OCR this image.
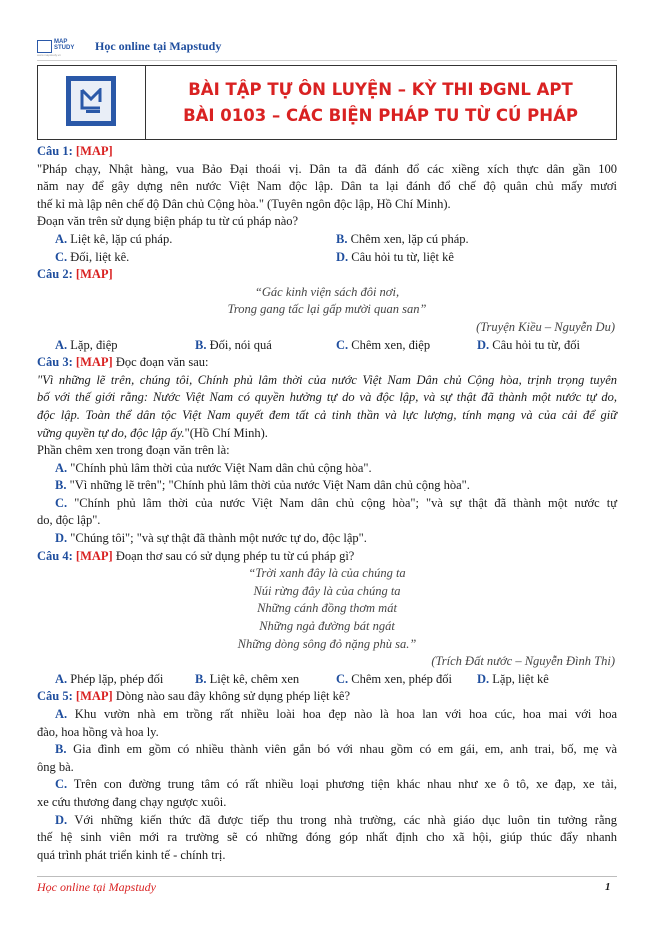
MAP
STUDY
www.mapstudy.vn
Học online tại Mapstudy
BÀI TẬP TỰ ÔN LUYỆN – KỲ THI ĐGNL APT
BÀI 0103 – CÁC BIỆN PHÁP TU TỪ CÚ PHÁP
Câu 1: [MAP]
"Pháp chạy, Nhật hàng, vua Bảo Đại thoái vị. Dân ta đã đánh đổ các xiềng xích thực dân gần 100
năm nay để gây dựng nên nước Việt Nam độc lập. Dân ta lại đánh đổ chế độ quân chủ mấy mươi
thế kỉ mà lập nên chế độ Dân chủ Cộng hòa." (Tuyên ngôn độc lập, Hồ Chí Minh).
Đoạn văn trên sử dụng biện pháp tu từ cú pháp nào?
A. Liệt kê, lặp cú pháp.	B. Chêm xen, lặp cú pháp.
C. Đối, liệt kê.	D. Câu hỏi tu từ, liệt kê
Câu 2: [MAP]
“Gác kinh viện sách đôi nơi,
Trong gang tấc lại gấp mười quan san”
(Truyện Kiều – Nguyễn Du)
A. Lặp, điệp	B. Đối, nói quá	C. Chêm xen, điệp	D. Câu hỏi tu từ, đối
Câu 3: [MAP] Đọc đoạn văn sau:
"Vì những lẽ trên, chúng tôi, Chính phủ lâm thời của nước Việt Nam Dân chủ Cộng hòa, trịnh trọng tuyên
bố với thế giới rằng: Nước Việt Nam có quyền hưởng tự do và độc lập, và sự thật đã thành một nước tự do,
độc lập. Toàn thể dân tộc Việt Nam quyết đem tất cả tinh thần và lực lượng, tính mạng và của cải để giữ
vững quyền tự do, độc lập ấy."(Hồ Chí Minh).
Phần chêm xen trong đoạn văn trên là:
A. "Chính phủ lâm thời của nước Việt Nam dân chủ cộng hòa".
B. "Vì những lẽ trên"; "Chính phủ lâm thời của nước Việt Nam dân chủ cộng hòa".
C. "Chính phủ lâm thời của nước Việt Nam dân chủ cộng hòa"; "và sự thật đã thành một nước tự
do, độc lập".
D. "Chúng tôi"; "và sự thật đã thành một nước tự do, độc lập".
Câu 4: [MAP] Đoạn thơ sau có sử dụng phép tu từ cú pháp gì?
“Trời xanh đây là của chúng ta
Núi rừng đây là của chúng ta
Những cánh đồng thơm mát
Những ngả đường bát ngát
Những dòng sông đỏ nặng phù sa.”
(Trích Đất nước – Nguyễn Đình Thi)
A. Phép lặp, phép đối	B. Liệt kê, chêm xen	C. Chêm xen, phép đối D. Lặp, liệt kê
Câu 5: [MAP] Dòng nào sau đây không sử dụng phép liệt kê?
A. Khu vườn nhà em trồng rất nhiều loài hoa đẹp nào là hoa lan với hoa cúc, hoa mai với hoa
đào, hoa hồng và hoa ly.
B. Gia đình em gồm có nhiều thành viên gắn bó với nhau gồm có em gái, em, anh trai, bố, mẹ và
ông bà.
C. Trên con đường trung tâm có rất nhiều loại phương tiện khác nhau như xe ô tô, xe đạp, xe tải,
xe cứu thương đang chạy ngược xuôi.
D. Với những kiến thức đã được tiếp thu trong nhà trường, các nhà giáo dục luôn tin tưởng rằng
thế hệ sinh viên mới ra trường sẽ có những đóng góp nhất định cho xã hội, giúp thúc đẩy nhanh
quá trình phát triển kinh tế - chính trị.
Học online tại Mapstudy	1
